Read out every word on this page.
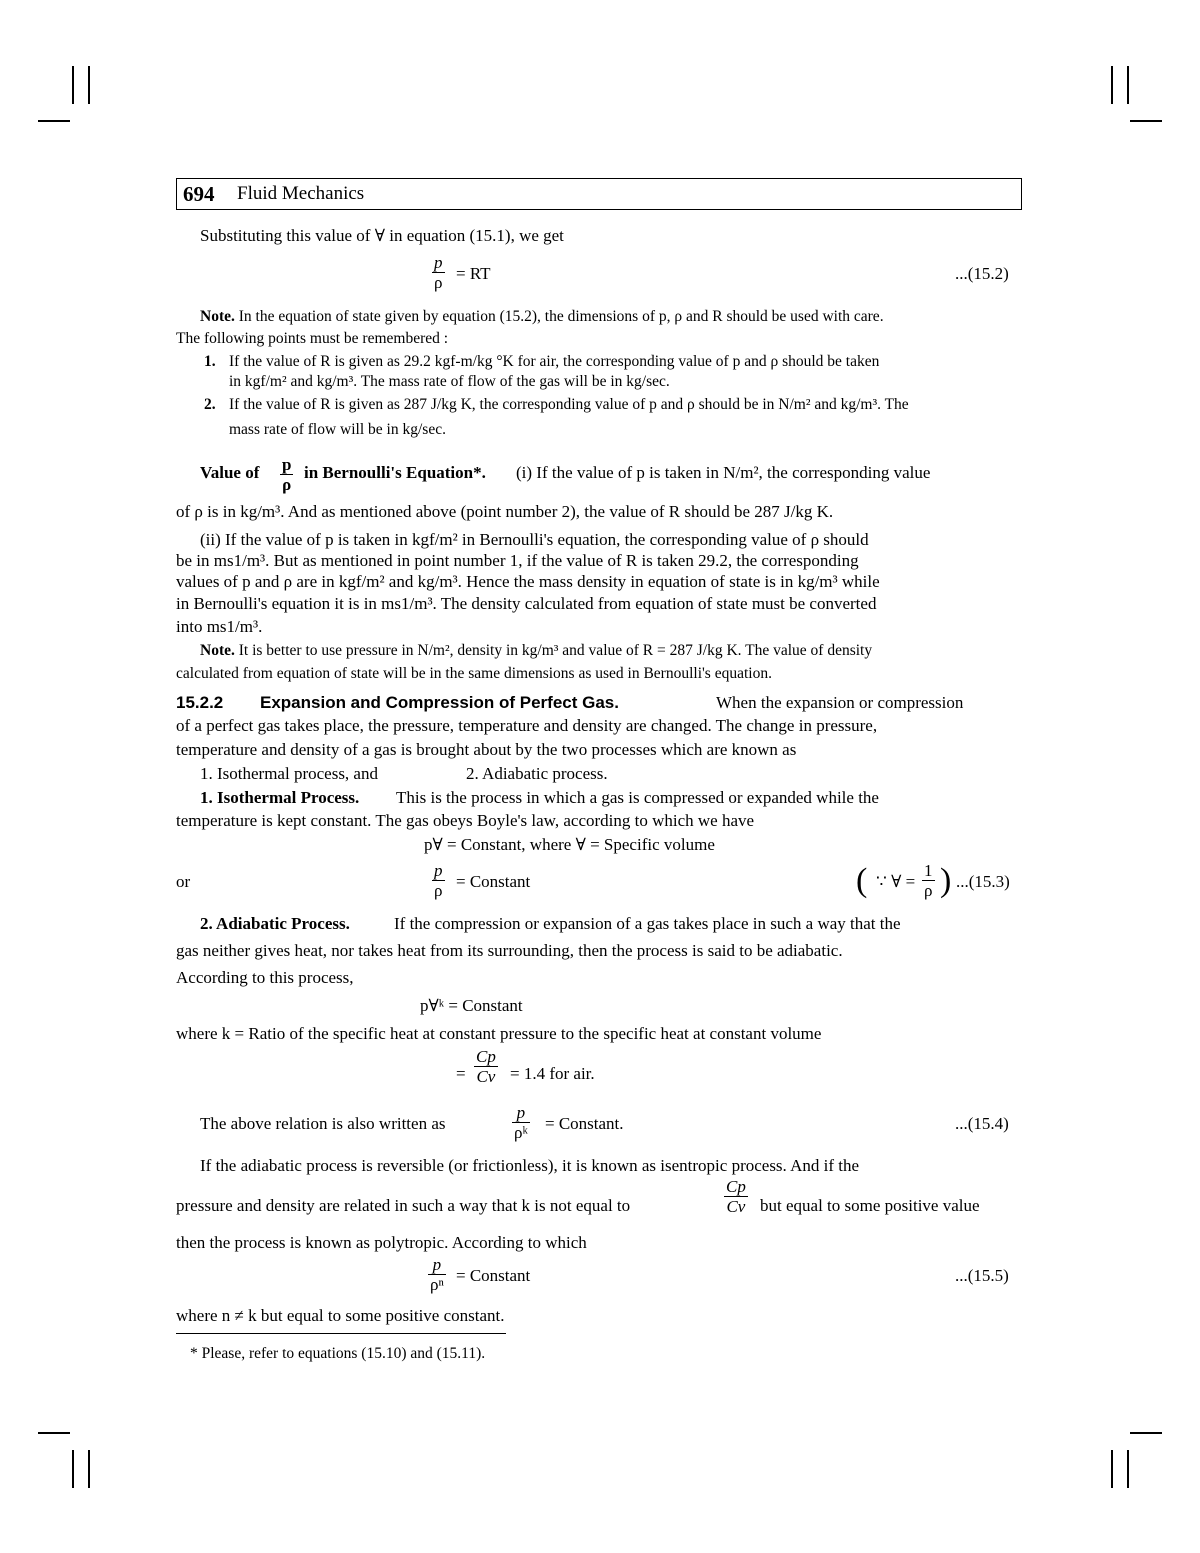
694 Fluid Mechanics
Substituting this value of ∀ in equation (15.1), we get
p
ρ = RT	...(15.2)
Note. In the equation of state given by equation (15.2), the dimensions of p, ρ and R should be used with care.
The following points must be remembered :
1. If the value of R is given as 29.2 kgf-m/kg °K for air, the corresponding value of p and ρ should be taken
in kgf/m² and kg/m³. The mass rate of flow of the gas will be in kg/sec.
2. If the value of R is given as 287 J/kg K, the corresponding value of p and ρ should be in N/m² and kg/m³. The
mass rate of flow will be in kg/sec.
Value of p
ρ
in Bernoulli's Equation*. (i) If the value of p is taken in N/m², the corresponding value
of ρ is in kg/m³. And as mentioned above (point number 2), the value of R should be 287 J/kg K.
(ii) If the value of p is taken in kgf/m² in Bernoulli's equation, the corresponding value of ρ should
be in ms1/m³. But as mentioned in point number 1, if the value of R is taken 29.2, the corresponding
values of p and ρ are in kgf/m² and kg/m³. Hence the mass density in equation of state is in kg/m³ while
in Bernoulli's equation it is in ms1/m³. The density calculated from equation of state must be converted
into ms1/m³.
Note. It is better to use pressure in N/m², density in kg/m³ and value of R = 287 J/kg K. The value of density
calculated from equation of state will be in the same dimensions as used in Bernoulli's equation.
15.2.2 Expansion and Compression of Perfect Gas.	When the expansion or compression
of a perfect gas takes place, the pressure, temperature and density are changed. The change in pressure,
temperature and density of a gas is brought about by the two processes which are known as
1. Isothermal process, and	2. Adiabatic process.
1. Isothermal Process. This is the process in which a gas is compressed or expanded while the
temperature is kept constant. The gas obeys Boyle's law, according to which we have
p∀ = Constant, where ∀ = Specific volume
or
p
ρ = Constant	( ∵ ∀ =
1
ρ ) ...(15.3)
2. Adiabatic Process.	If the compression or expansion of a gas takes place in such a way that the
gas neither gives heat, nor takes heat from its surrounding, then the process is said to be adiabatic.
According to this process,
p∀ᵏ = Constant
where k = Ratio of the specific heat at constant pressure to the specific heat at constant volume
=
Cp
Cv = 1.4 for air.
The above relation is also written as
p
ρᵏ = Constant.	...(15.4)
If the adiabatic process is reversible (or frictionless), it is known as isentropic process. And if the
pressure and density are related in such a way that k is not equal to
Cp
Cv but equal to some positive value
then the process is known as polytropic. According to which
p
ρⁿ = Constant	...(15.5)
where n ≠ k but equal to some positive constant.
* Please, refer to equations (15.10) and (15.11).
